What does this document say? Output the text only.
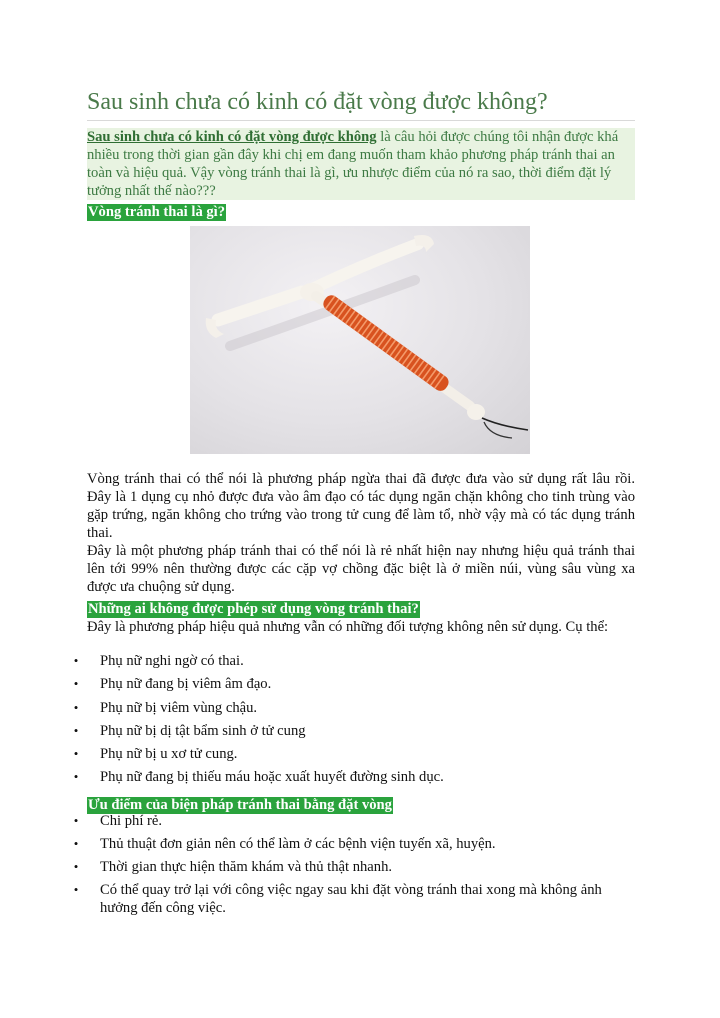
Sau sinh chưa có kinh có đặt vòng được không?
Sau sinh chưa có kinh có đặt vòng được không là câu hỏi được chúng tôi nhận được khá nhiều trong thời gian gần đây khi chị em đang muốn tham khảo phương pháp tránh thai an toàn và hiệu quả. Vậy vòng tránh thai là gì, ưu nhược điểm của nó ra sao, thời điểm đặt lý tưởng nhất thế nào???
Vòng tránh thai là gì?
Vòng tránh thai có thể nói là phương pháp ngừa thai đã được đưa vào sử dụng rất lâu rồi. Đây là 1 dụng cụ nhỏ được đưa vào âm đạo có tác dụng ngăn chặn không cho tinh trùng vào gặp trứng, ngăn không cho trứng vào trong tử cung để làm tổ, nhờ vậy mà có tác dụng tránh thai.
Đây là một phương pháp tránh thai có thể nói là rẻ nhất hiện nay nhưng hiệu quả tránh thai lên tới 99% nên thường được các cặp vợ chồng đặc biệt là ở miền núi, vùng sâu vùng xa được ưa chuộng sử dụng.
Những ai không được phép sử dụng vòng tránh thai?
Đây là phương pháp hiệu quả nhưng vẫn có những đối tượng không nên sử dụng. Cụ thể:
• Phụ nữ nghi ngờ có thai.
• Phụ nữ đang bị viêm âm đạo.
• Phụ nữ bị viêm vùng chậu.
• Phụ nữ bị dị tật bẩm sinh ở tử cung
• Phụ nữ bị u xơ tử cung.
• Phụ nữ đang bị thiếu máu hoặc xuất huyết đường sinh dục.
Ưu điểm của biện pháp tránh thai bằng đặt vòng
• Chi phí rẻ.
• Thủ thuật đơn giản nên có thể làm ở các bệnh viện tuyến xã, huyện.
• Thời gian thực hiện thăm khám và thủ thật nhanh.
• Có thể quay trở lại với công việc ngay sau khi đặt vòng tránh thai xong mà không ảnh hưởng đến công việc.
